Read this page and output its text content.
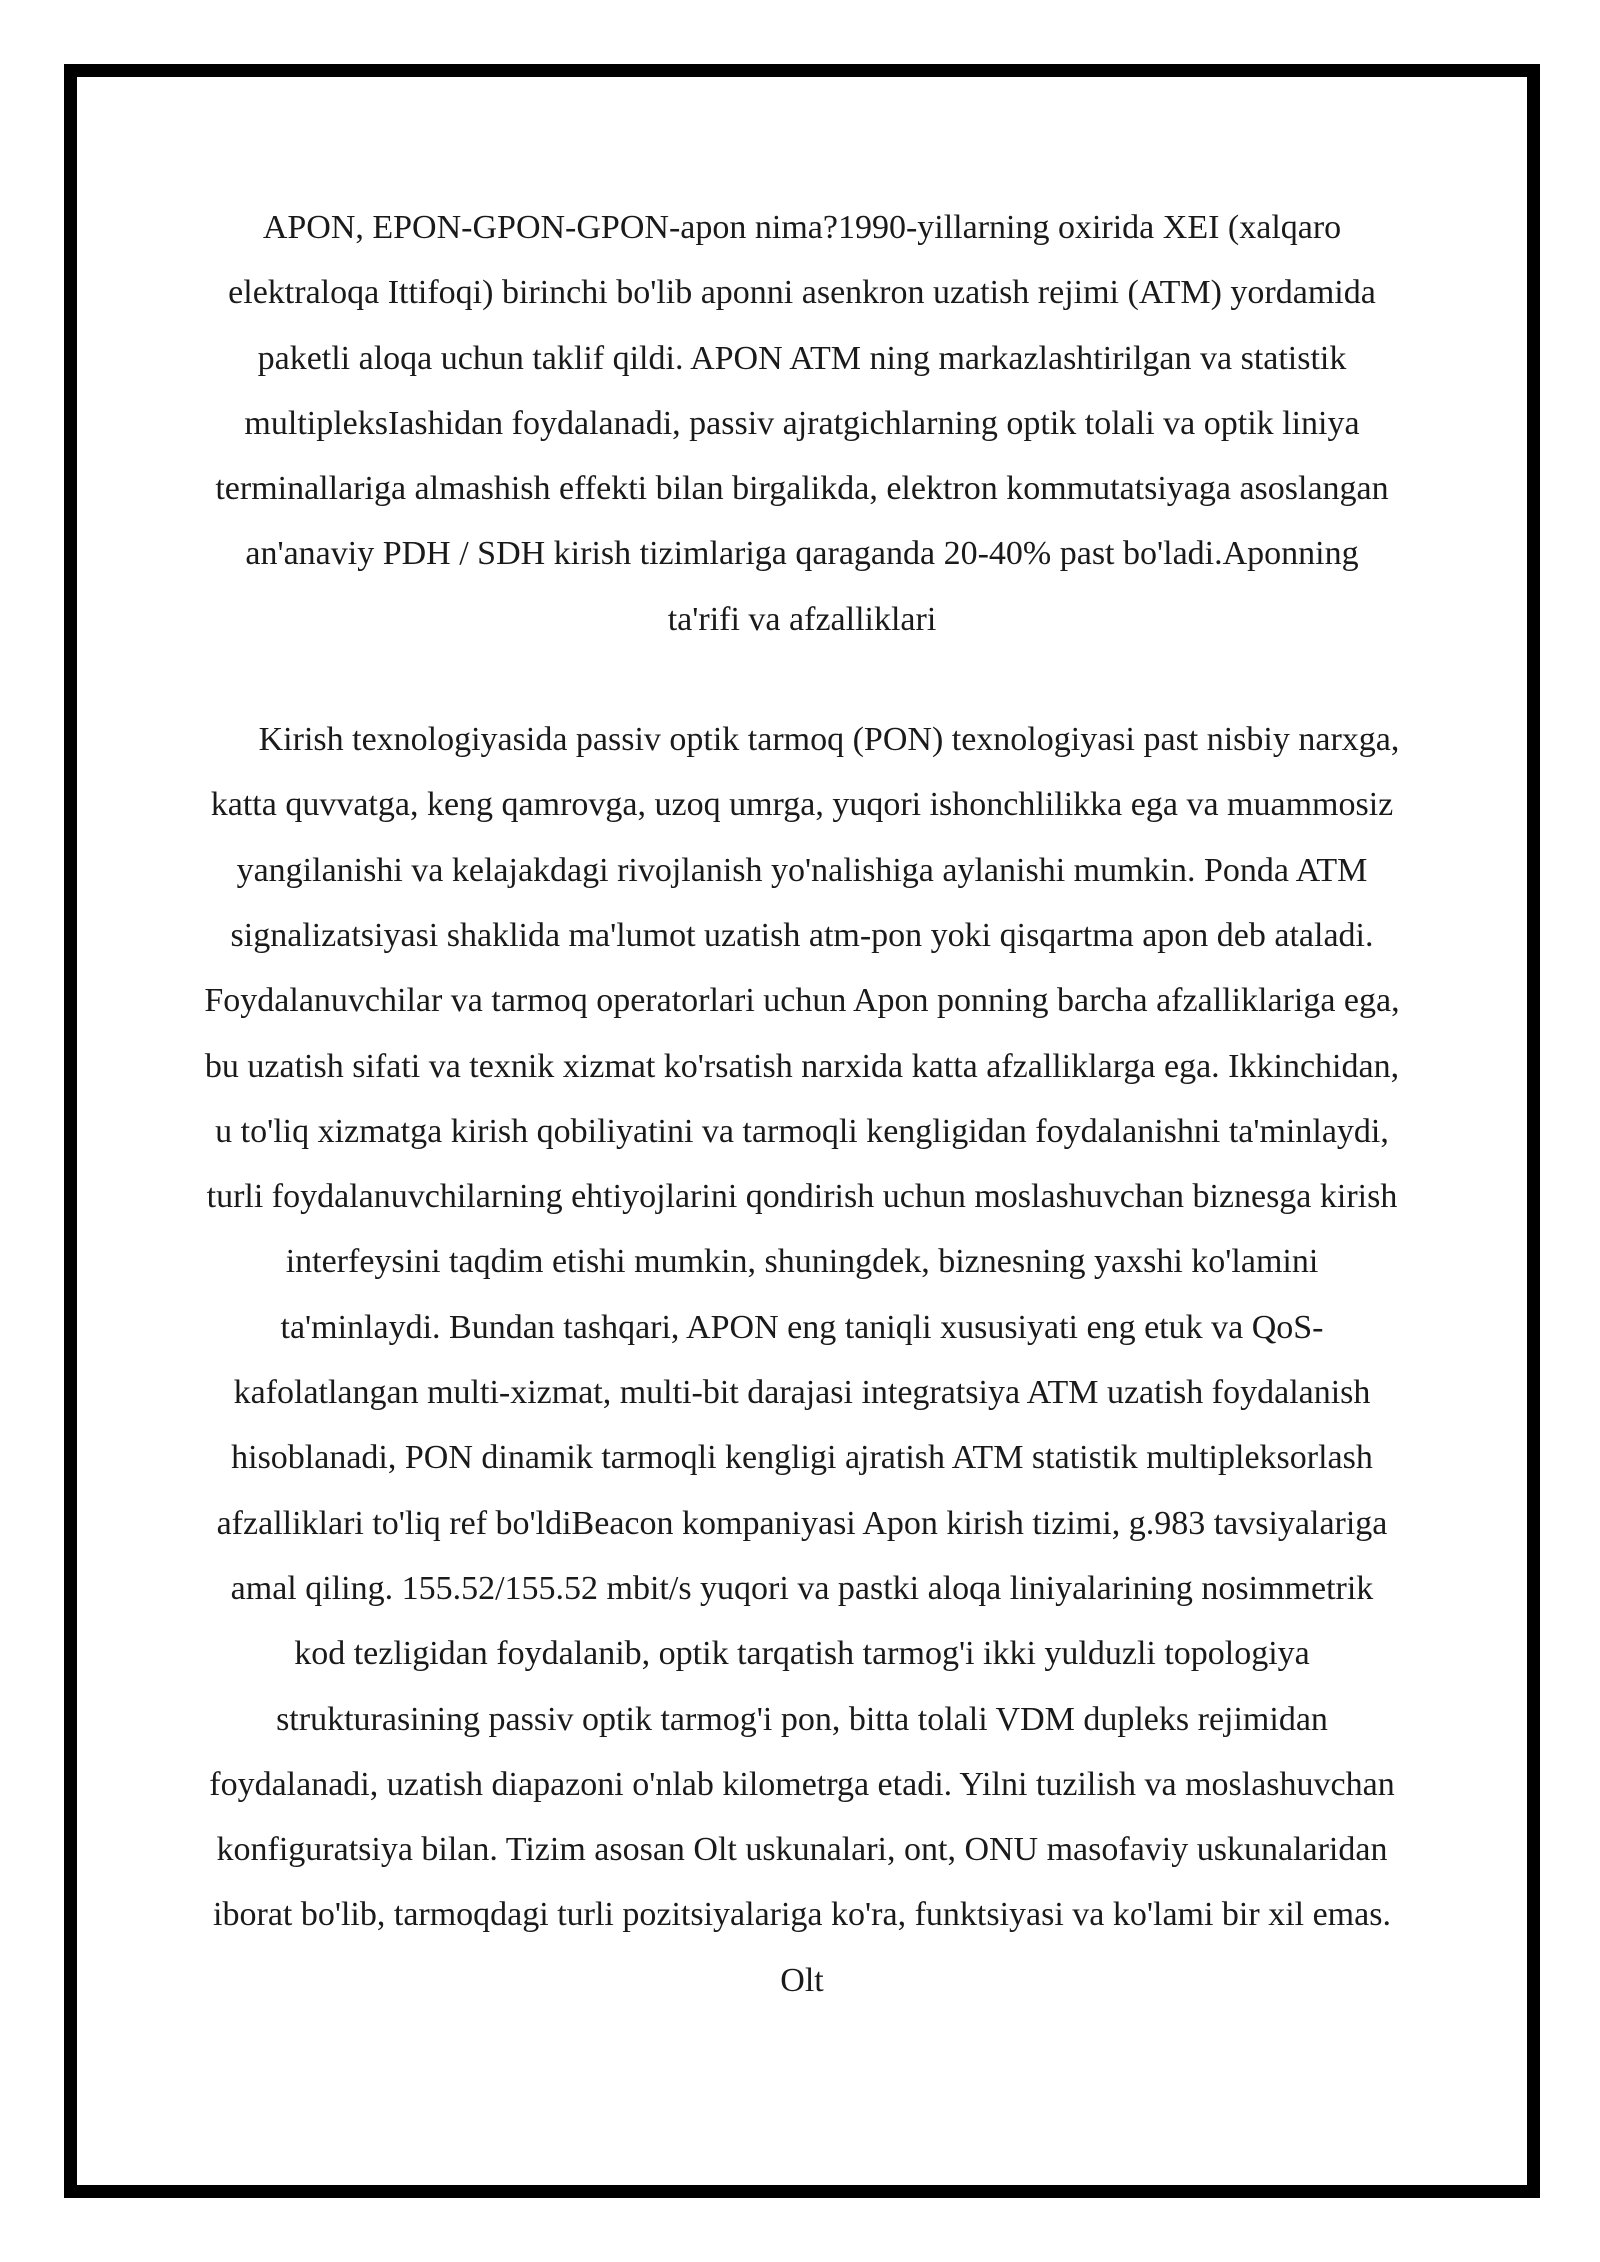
APON, EPON-GPON-GPON-apon nima?1990-yillarning oxirida XEI (xalqaro elektraloqa Ittifoqi) birinchi bo'lib aponni asenkron uzatish rejimi (ATM) yordamida paketli aloqa uchun taklif qildi. APON ATM ning markazlashtirilgan va statistik multipleksIashidan foydalanadi, passiv ajratgichlarning optik tolali va optik liniya terminallariga almashish effekti bilan birgalikda, elektron kommutatsiyaga asoslangan an'anaviy PDH / SDH kirish tizimlariga qaraganda 20-40% past bo'ladi.Aponning ta'rifi va afzalliklari

Kirish texnologiyasida passiv optik tarmoq (PON) texnologiyasi past nisbiy narxga, katta quvvatga, keng qamrovga, uzoq umrga, yuqori ishonchlilikka ega va muammosiz yangilanishi va kelajakdagi rivojlanish yo'nalishiga aylanishi mumkin. Ponda ATM signalizatsiyasi shaklida ma'lumot uzatish atm-pon yoki qisqartma apon deb ataladi. Foydalanuvchilar va tarmoq operatorlari uchun Apon ponning barcha afzalliklariga ega, bu uzatish sifati va texnik xizmat ko'rsatish narxida katta afzalliklarga ega. Ikkinchidan, u to'liq xizmatga kirish qobiliyatini va tarmoqli kengligidan foydalanishni ta'minlaydi, turli foydalanuvchilarning ehtiyojlarini qondirish uchun moslashuvchan biznesga kirish interfeysini taqdim etishi mumkin, shuningdek, biznesning yaxshi ko'lamini ta'minlaydi. Bundan tashqari, APON eng taniqli xususiyati eng etuk va QoS-kafolatlangan multi-xizmat, multi-bit darajasi integratsiya ATM uzatish foydalanish hisoblanadi, PON dinamik tarmoqli kengligi ajratish ATM statistik multipleksorlash afzalliklari to'liq ref bo'ldiBeacon kompaniyasi Apon kirish tizimi, g.983 tavsiyalariga amal qiling. 155.52/155.52 mbit/s yuqori va pastki aloqa liniyalarining nosimmetrik kod tezligidan foydalanib, optik tarqatish tarmog'i ikki yulduzli topologiya strukturasining passiv optik tarmog'i pon, bitta tolali VDM dupleks rejimidan foydalanadi, uzatish diapazoni o'nlab kilometrga etadi. Yilni tuzilish va moslashuvchan konfiguratsiya bilan. Tizim asosan Olt uskunalari, ont, ONU masofaviy uskunalaridan iborat bo'lib, tarmoqdagi turli pozitsiyalariga ko'ra, funktsiyasi va ko'lami bir xil emas. Olt
